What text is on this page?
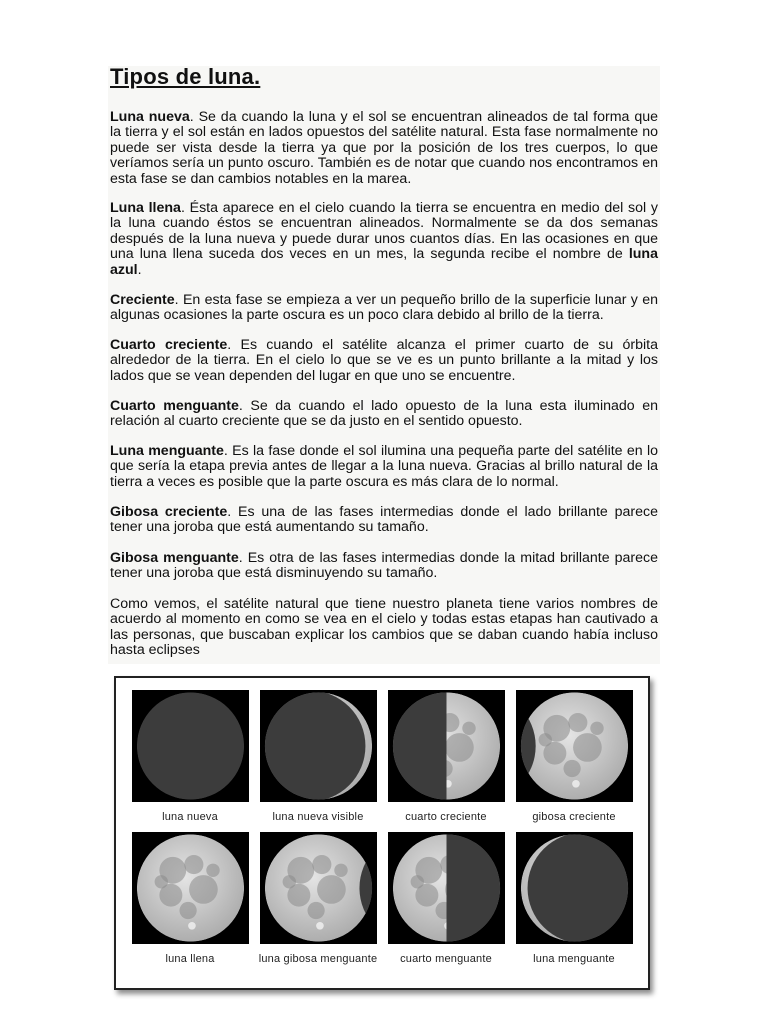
Tipos de luna.

Luna nueva. Se da cuando la luna y el sol se encuentran alineados de tal forma que la tierra y el sol están en lados opuestos del satélite natural. Esta fase normalmente no puede ser vista desde la tierra ya que por la posición de los tres cuerpos, lo que veríamos sería un punto oscuro. También es de notar que cuando nos encontramos en esta fase se dan cambios notables en la marea.

Luna llena. Ésta aparece en el cielo cuando la tierra se encuentra en medio del sol y la luna cuando éstos se encuentran alineados. Normalmente se da dos semanas después de la luna nueva y puede durar unos cuantos días. En las ocasiones en que una luna llena suceda dos veces en un mes, la segunda recibe el nombre de luna azul.

Creciente. En esta fase se empieza a ver un pequeño brillo de la superficie lunar y en algunas ocasiones la parte oscura es un poco clara debido al brillo de la tierra.

Cuarto creciente. Es cuando el satélite alcanza el primer cuarto de su órbita alrededor de la tierra. En el cielo lo que se ve es un punto brillante a la mitad y los lados que se vean dependen del lugar en que uno se encuentre.

Cuarto menguante. Se da cuando el lado opuesto de la luna esta iluminado en relación al cuarto creciente que se da justo en el sentido opuesto.

Luna menguante. Es la fase donde el sol ilumina una pequeña parte del satélite en lo que sería la etapa previa antes de llegar a la luna nueva. Gracias al brillo natural de la tierra a veces es posible que la parte oscura es más clara de lo normal.

Gibosa creciente. Es una de las fases intermedias donde el lado brillante parece tener una joroba que está aumentando su tamaño.

Gibosa menguante. Es otra de las fases intermedias donde la mitad brillante parece tener una joroba que está disminuyendo su tamaño.

Como vemos, el satélite natural que tiene nuestro planeta tiene varios nombres de acuerdo al momento en como se vea en el cielo y todas estas etapas han cautivado a las personas, que buscaban explicar los cambios que se daban cuando había incluso hasta eclipses

luna nueva	luna nueva visible	cuarto creciente	gibosa creciente
luna llena	luna gibosa menguante	cuarto menguante	luna menguante
